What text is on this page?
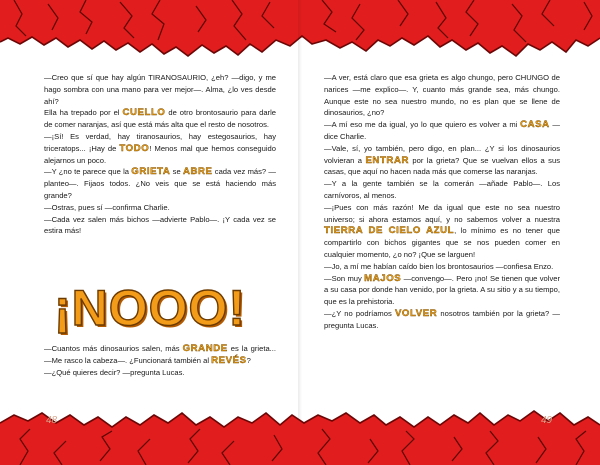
—Creo que sí que hay algún TIRANOSAURIO, ¿eh? —digo, y me hago sombra con una mano para ver mejor—. Alma, ¿lo ves desde ahí?

Ella ha trepado por el CUELLO de otro brontosaurio para darle de comer naranjas, así que está más alta que el resto de nosotros.

—¡Sí! Es verdad, hay tiranosaurios, hay estegosaurios, hay triceratops... ¡Hay de TODO! Menos mal que hemos conseguido alejarnos un poco.

—Y ¿no te parece que la GRIETA se ABRE cada vez más? —planteo—. Fijaos todos. ¿No veis que se está haciendo más grande?

—Ostras, pues sí —confirma Charlie.

—Cada vez salen más bichos —advierte Pablo—. ¡Y cada vez se estira más!

¡NOOO!

—Cuantos más dinosaurios salen, más GRANDE es la grieta... —Me rasco la cabeza—. ¿Funcionará también al REVÉS?

—¿Qué quieres decir? —pregunta Lucas.

—A ver, está claro que esa grieta es algo chungo, pero CHUNGO de narices —me explico—. Y, cuanto más grande sea, más chungo. Aunque este no sea nuestro mundo, no es plan que se llene de dinosaurios, ¿no?

—A mí eso me da igual, yo lo que quiero es volver a mi CASA —dice Charlie.

—Vale, sí, yo también, pero digo, en plan... ¿Y si los dinosaurios volvieran a ENTRAR por la grieta? Que se vuelvan ellos a sus casas, que aquí no hacen nada más que comerse las naranjas.

—Y a la gente también se la comerán —añade Pablo—. Los carnívoros, al menos.

—¡Pues con más razón! Me da igual que este no sea nuestro universo; si ahora estamos aquí, y no sabemos volver a nuestra TIERRA DE CIELO AZUL, lo mínimo es no tener que compartirlo con bichos gigantes que se nos pueden comer en cualquier momento, ¿o no? ¡Que se larguen!

—Jo, a mí me habían caído bien los brontosaurios —confiesa Enzo.

—Son muy MAJOS —convengo—. Pero ¡no! Se tienen que volver a su casa por donde han venido, por la grieta. A su sitio y a su tiempo, que es la prehistoria.

—¿Y no podríamos VOLVER nosotros también por la grieta? —pregunta Lucas.

48	49
